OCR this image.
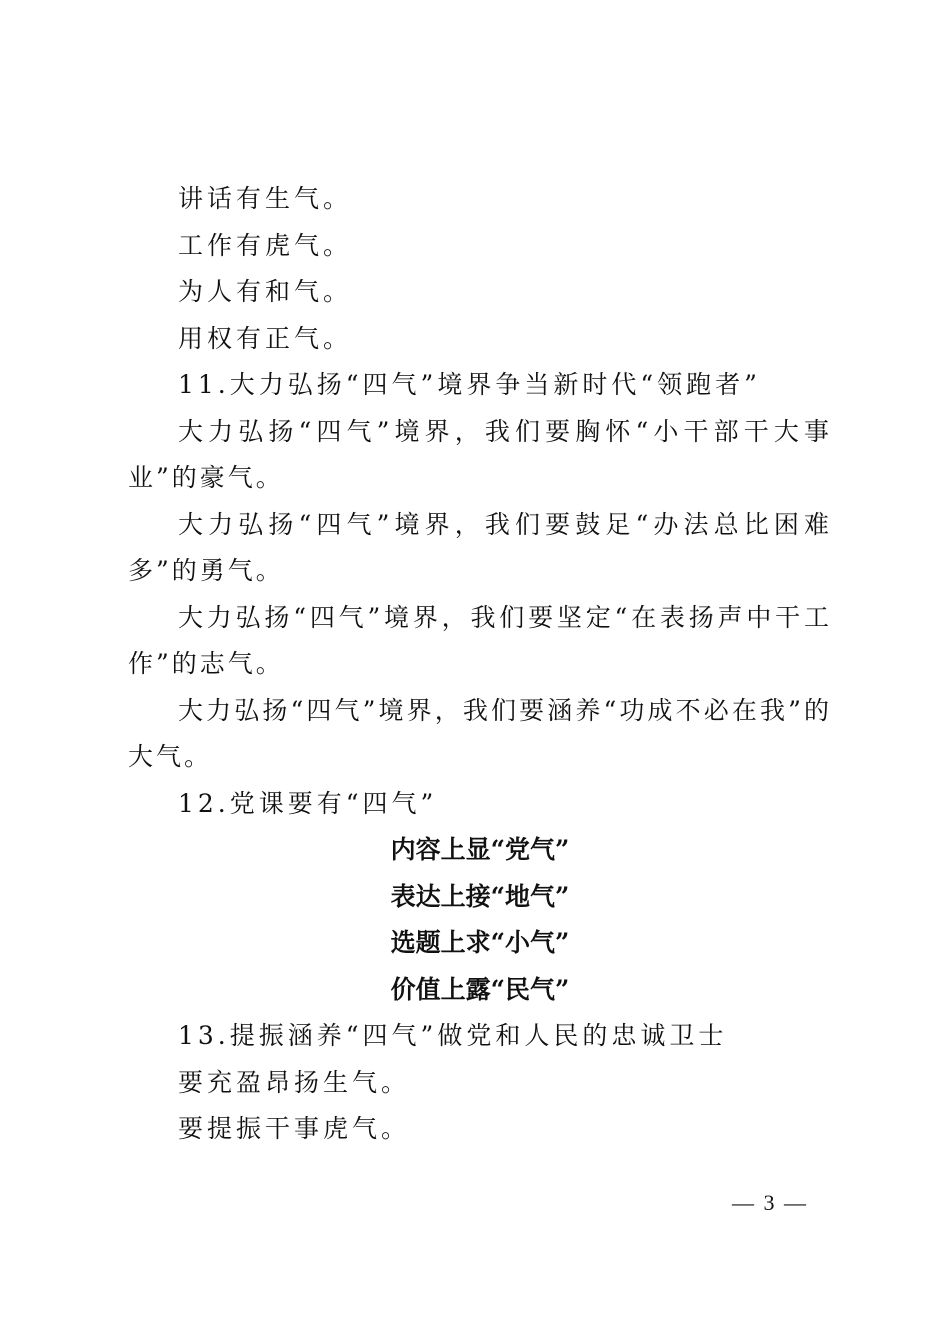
讲话有生气。

工作有虎气。

为人有和气。

用权有正气。

11.大力弘扬“四气”境界争当新时代“领跑者”

大力弘扬“四气”境界，我们要胸怀“小干部干大事业”的豪气。

大力弘扬“四气”境界，我们要鼓足“办法总比困难多”的勇气。

大力弘扬“四气”境界，我们要坚定“在表扬声中干工作”的志气。

大力弘扬“四气”境界，我们要涵养“功成不必在我”的大气。

12.党课要有“四气”

内容上显“党气”

表达上接“地气”

选题上求“小气”

价值上露“民气”

13.提振涵养“四气”做党和人民的忠诚卫士

要充盈昂扬生气。

要提振干事虎气。

— 3 —
